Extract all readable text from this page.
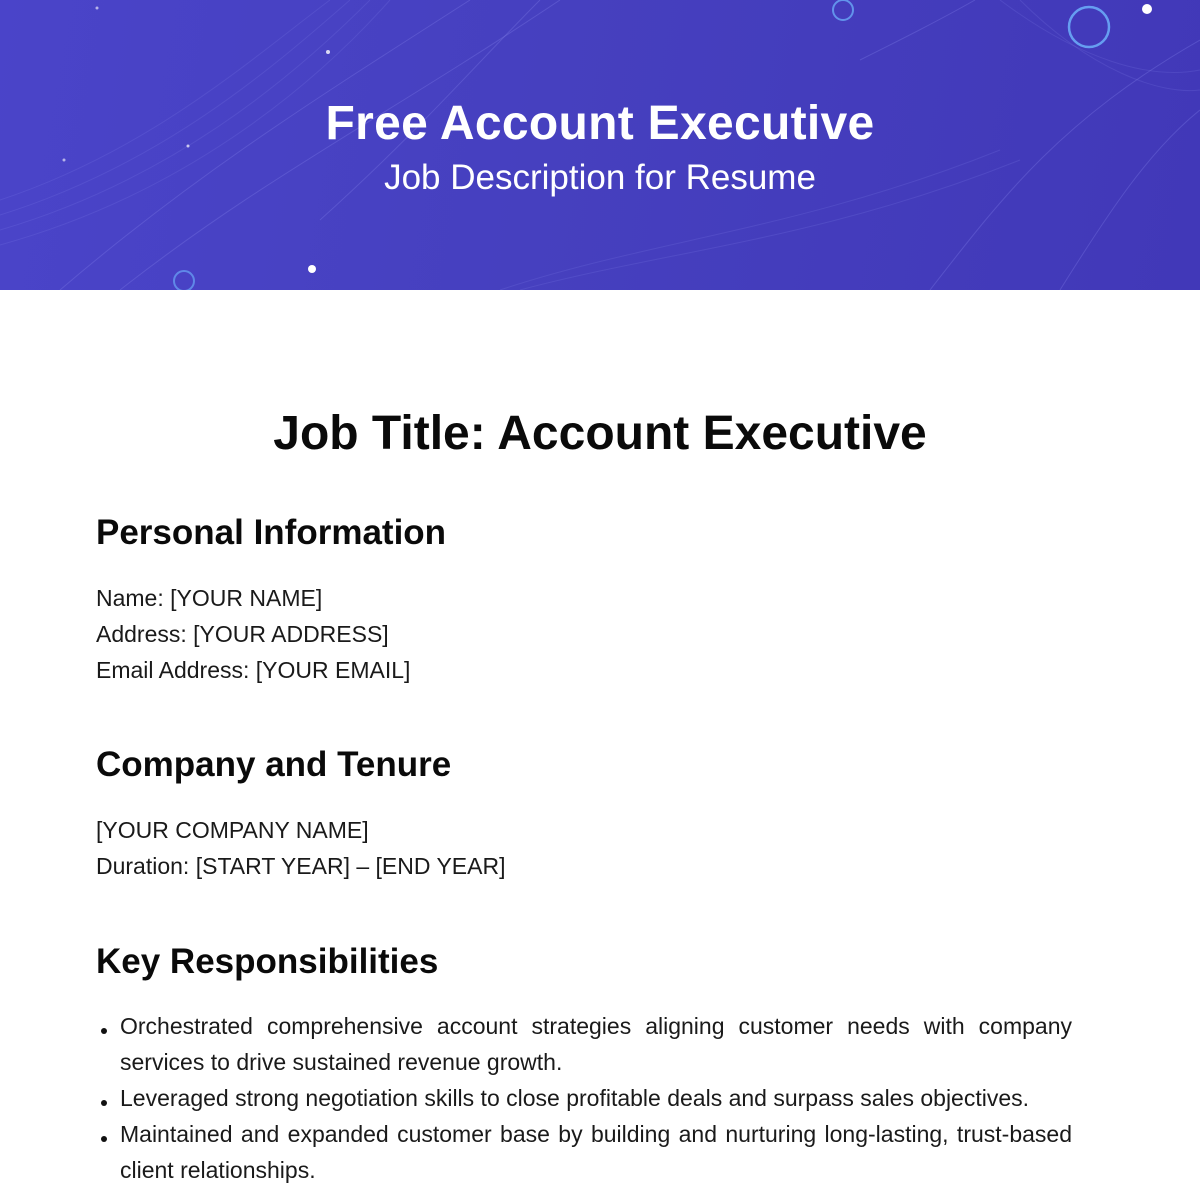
Free Account Executive
Job Description for Resume
Job Title: Account Executive
Personal Information
Name: [YOUR NAME]
Address: [YOUR ADDRESS]
Email Address: [YOUR EMAIL]
Company and Tenure
[YOUR COMPANY NAME]
Duration: [START YEAR] – [END YEAR]
Key Responsibilities
Orchestrated comprehensive account strategies aligning customer needs with company services to drive sustained revenue growth.
Leveraged strong negotiation skills to close profitable deals and surpass sales objectives.
Maintained and expanded customer base by building and nurturing long-lasting, trust-based client relationships.
